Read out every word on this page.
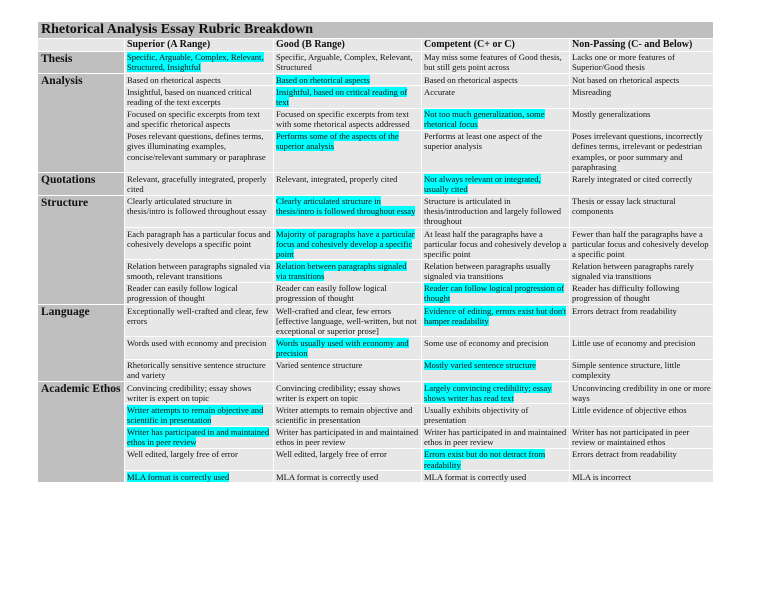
Rhetorical Analysis Essay Rubric Breakdown				
	Superior (A Range)	Good (B Range)	Competent (C+ or C)	Non-Passing (C- and Below)
Thesis	Specific, Arguable, Complex, Relevant, Structured, Insightful	Specific, Arguable, Complex, Relevant, Structured	May miss some features of Good thesis, but still gets point across	Lacks one or more features of Superior/Good thesis
Analysis	Based on rhetorical aspects	Based on rhetorical aspects	Based on rhetorical aspects	Not based on rhetorical aspects
	Insightful, based on nuanced critical reading of the text excerpts	Insightful, based on critical reading of text	Accurate	Misreading
	Focused on specific excerpts from text and specific rhetorical aspects	Focused on specific excerpts from text with some rhetorical aspects addressed	Not too much generalization, some rhetorical focus	Mostly generalizations
	Poses relevant questions, defines terms, gives illuminating examples, concise/relevant summary or paraphrase	Performs some of the aspects of the superior analysis	Performs at least one aspect of the superior analysis	Poses irrelevant questions, incorrectly defines terms, irrelevant or pedestrian examples, or poor summary and paraphrasing
Quotations	Relevant, gracefully integrated, properly cited	Relevant, integrated, properly cited	Not always relevant or integrated, usually cited	Rarely integrated or cited correctly
Structure	Clearly articulated structure in thesis/intro is followed throughout essay	Clearly articulated structure in thesis/intro is followed throughout essay	Structure is articulated in thesis/introduction and largely followed throughout	Thesis or essay lack structural components
	Each paragraph has a particular focus and cohesively develops a specific point	Majority of paragraphs have a particular focus and cohesively develop a specific point	At least half the paragraphs have a particular focus and cohesively develop a specific point	Fewer than half the paragraphs have a particular focus and cohesively develop a specific point
	Relation between paragraphs signaled via smooth, relevant transitions	Relation between paragraphs signaled via transitions	Relation between paragraphs usually signaled via transitions	Relation between paragraphs rarely signaled via transitions
	Reader can easily follow logical progression of thought	Reader can easily follow logical progression of thought	Reader can follow logical progression of thought	Reader has difficulty following progression of thought
Language	Exceptionally well-crafted and clear, few errors	Well-crafted and clear, few errors [effective language, well-written, but not exceptional or superior prose]	Evidence of editing, errors exist but don't hamper readability	Errors detract from readability
	Words used with economy and precision	Words usually used with economy and precision	Some use of economy and precision	Little use of economy and precision
	Rhetorically sensitive sentence structure and variety	Varied sentence structure	Mostly varied sentence structure	Simple sentence structure, little complexity
Academic Ethos	Convincing credibility; essay shows writer is expert on topic	Convincing credibility; essay shows writer is expert on topic	Largely convincing credibility; essay shows writer has read text	Unconvincing credibility in one or more ways
	Writer attempts to remain objective and scientific in presentation	Writer attempts to remain objective and scientific in presentation	Usually exhibits objectivity of presentation	Little evidence of objective ethos
	Writer has participated in and maintained ethos in peer review	Writer has participated in and maintained ethos in peer review	Writer has participated in and maintained ethos in peer review	Writer has not participated in peer review or maintained ethos
	Well edited, largely free of error	Well edited, largely free of error	Errors exist but do not detract from readability	Errors detract from readability
	MLA format is correctly used	MLA format is correctly used	MLA format is correctly used	MLA is incorrect
